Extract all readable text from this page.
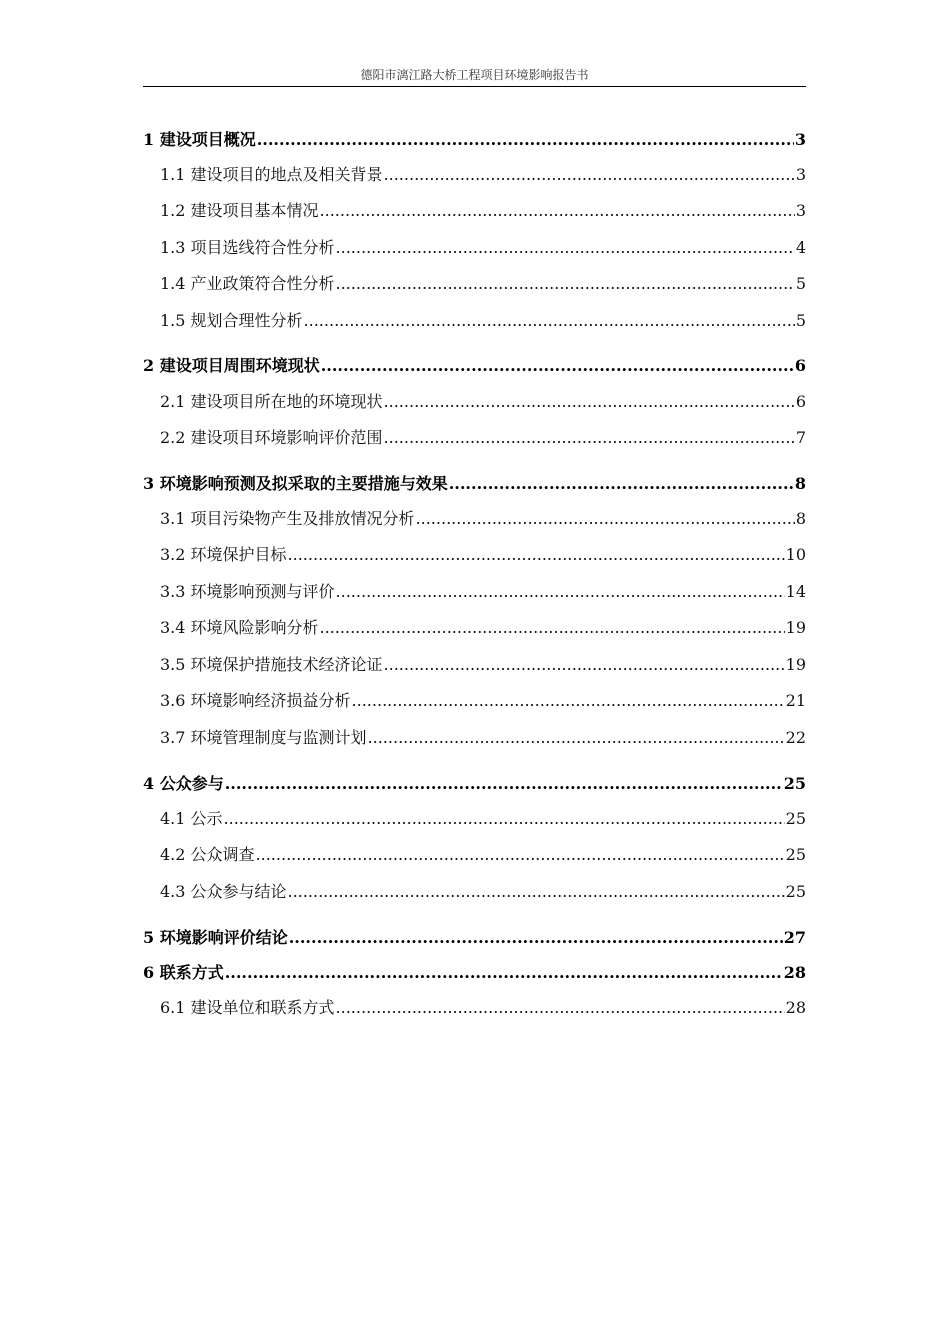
德阳市漓江路大桥工程项目环境影响报告书
1 建设项目概况 .....	3
1.1 建设项目的地点及相关背景 .....	3
1.2 建设项目基本情况 .....	3
1.3 项目选线符合性分析 .....	4
1.4 产业政策符合性分析 .....	5
1.5 规划合理性分析 .....	5
2 建设项目周围环境现状 .....	6
2.1 建设项目所在地的环境现状 .....	6
2.2 建设项目环境影响评价范围 .....	7
3 环境影响预测及拟采取的主要措施与效果 .....	8
3.1 项目污染物产生及排放情况分析 .....	8
3.2 环境保护目标 .....	10
3.3 环境影响预测与评价 .....	14
3.4 环境风险影响分析 .....	19
3.5 环境保护措施技术经济论证 .....	19
3.6 环境影响经济损益分析 .....	21
3.7 环境管理制度与监测计划 .....	22
4 公众参与 .....	25
4.1 公示 .....	25
4.2 公众调查 .....	25
4.3 公众参与结论 .....	25
5 环境影响评价结论 .....	27
6 联系方式 .....	28
6.1 建设单位和联系方式 .....	28
